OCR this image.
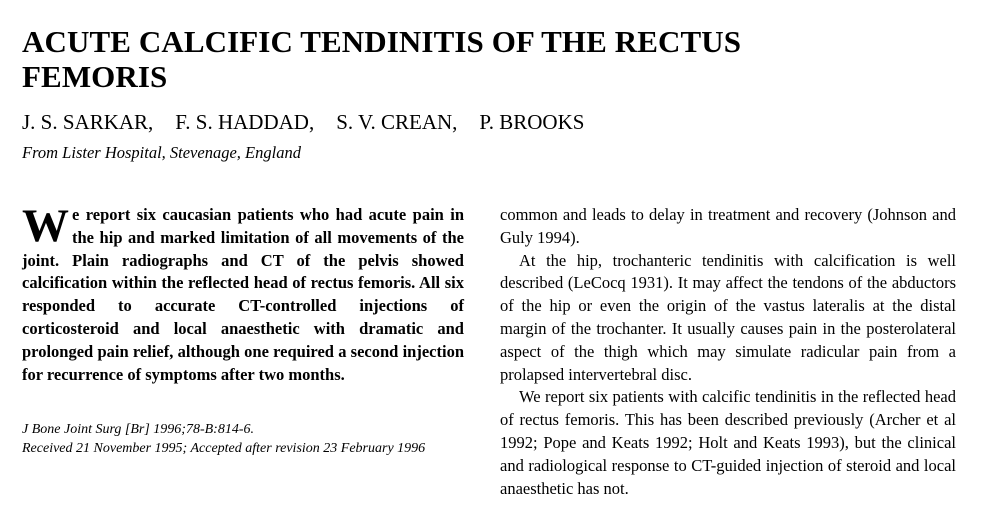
ACUTE CALCIFIC TENDINITIS OF THE RECTUS FEMORIS
J. S. SARKAR, F. S. HADDAD, S. V. CREAN, P. BROOKS
From Lister Hospital, Stevenage, England

We report six caucasian patients who had acute pain in the hip and marked limitation of all movements of the joint. Plain radiographs and CT of the pelvis showed calcification within the reflected head of rectus femoris. All six responded to accurate CT-controlled injections of corticosteroid and local anaesthetic with dramatic and prolonged pain relief, although one required a second injection for recurrence of symptoms after two months.

J Bone Joint Surg [Br] 1996;78-B:814-6.
Received 21 November 1995; Accepted after revision 23 February 1996

common and leads to delay in treatment and recovery (Johnson and Guly 1994).

At the hip, trochanteric tendinitis with calcification is well described (LeCocq 1931). It may affect the tendons of the abductors of the hip or even the origin of the vastus lateralis at the distal margin of the trochanter. It usually causes pain in the posterolateral aspect of the thigh which may simulate radicular pain from a prolapsed intervertebral disc.

We report six patients with calcific tendinitis in the reflected head of rectus femoris. This has been described previously (Archer et al 1992; Pope and Keats 1992; Holt and Keats 1993), but the clinical and radiological response to CT-guided injection of steroid and local anaesthetic has not.
